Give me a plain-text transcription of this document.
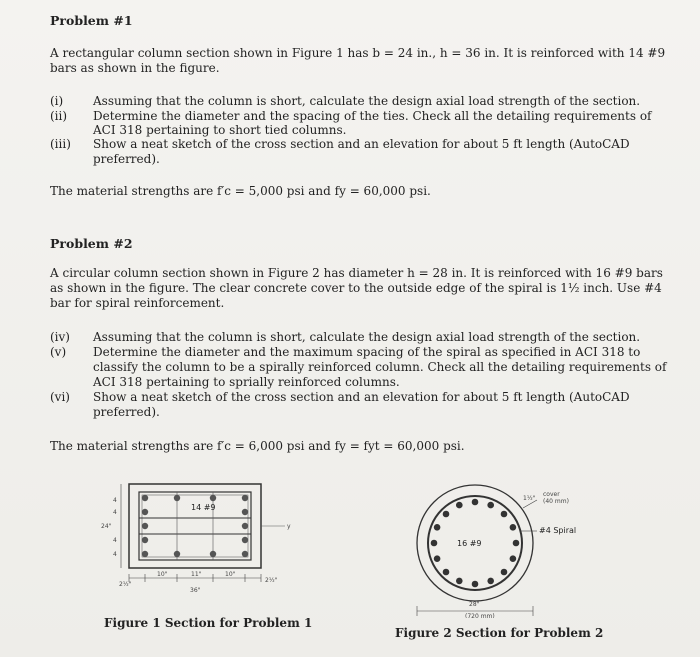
Problem #1
A rectangular column section shown in Figure 1 has b = 24 in., h = 36 in. It is reinforced with 14 #9
bars as shown in the figure.
(i) Assuming that the column is short, calculate the design axial load strength of the section.
(ii) Determine the diameter and the spacing of the ties. Check all the detailing requirements of
ACI 318 pertaining to short tied columns.
(iii) Show a neat sketch of the cross section and an elevation for about 5 ft length (AutoCAD
preferred).
The material strengths are f′c = 5,000 psi and fy = 60,000 psi.
Problem #2
A circular column section shown in Figure 2 has diameter h = 28 in. It is reinforced with 16 #9 bars
as shown in the figure. The clear concrete cover to the outside edge of the spiral is 1½ inch. Use #4
bar for spiral reinforcement.
(iv) Assuming that the column is short, calculate the design axial load strength of the section.
(v) Determine the diameter and the maximum spacing of the spiral as specified in ACI 318 to
classify the column to be a spirally reinforced column. Check all the detailing requirements of
ACI 318 pertaining to sprially reinforced columns.
(vi) Show a neat sketch of the cross section and an elevation for about 5 ft length (AutoCAD
preferred).
The material strengths are f′c = 6,000 psi and fy = fyt = 60,000 psi.
y
14 #9
24"
4
4
4
4
2½"
10"	11"	10"
2½"
36"
Figure 1 Section for Problem 1
16 #9
#4 Spiral
1½"
cover
(40 mm)
28"
(720 mm)
Figure 2 Section for Problem 2
